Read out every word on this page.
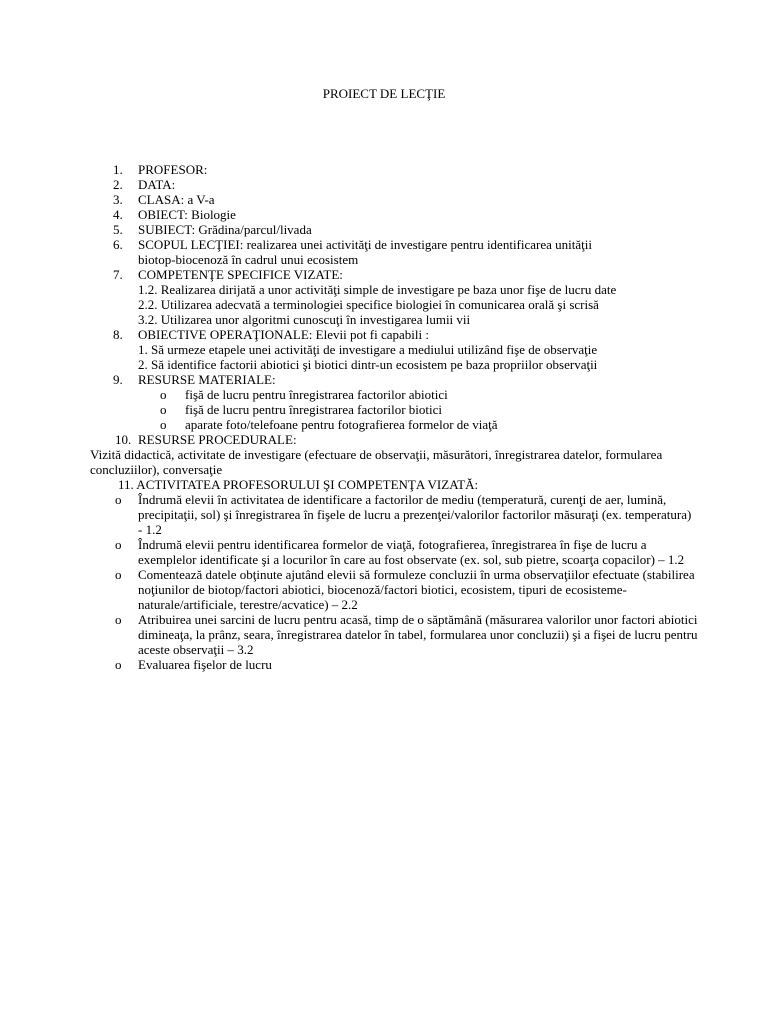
PROIECT DE LECŢIE
1. PROFESOR:
2. DATA:
3. CLASA: a V-a
4. OBIECT: Biologie
5. SUBIECT: Grădina/parcul/livada
6. SCOPUL LECŢIEI: realizarea unei activităţi de investigare pentru identificarea unităţii
biotop-biocenoză în cadrul unui ecosistem
7. COMPETENŢE SPECIFICE VIZATE:
1.2. Realizarea dirijată a unor activităţi simple de investigare pe baza unor fişe de lucru date
2.2. Utilizarea adecvată a terminologiei specifice biologiei în comunicarea orală şi scrisă
3.2. Utilizarea unor algoritmi cunoscuţi în investigarea lumii vii
8. OBIECTIVE OPERAŢIONALE: Elevii pot fi capabili :
1. Să urmeze etapele unei activităţi de investigare a mediului utilizând fişe de observaţie
2. Să identifice factorii abiotici şi biotici dintr-un ecosistem pe baza propriilor observaţii
9. RESURSE MATERIALE:
o fişă de lucru pentru înregistrarea factorilor abiotici
o fişă de lucru pentru înregistrarea factorilor biotici
o aparate foto/telefoane pentru fotografierea formelor de viaţă
10. RESURSE PROCEDURALE:
Vizită didactică, activitate de investigare (efectuare de observaţii, măsurători, înregistrarea datelor, formularea concluziilor), conversaţie
11. ACTIVITATEA PROFESORULUI ŞI COMPETENŢA VIZATĂ:
o Îndrumă elevii în activitatea de identificare a factorilor de mediu (temperatură, curenţi de aer, lumină, precipitaţii, sol) şi înregistrarea în fişele de lucru a prezenţei/valorilor factorilor măsuraţi (ex. temperatura) - 1.2
o Îndrumă elevii pentru identificarea formelor de viaţă, fotografierea, înregistrarea în fişe de lucru a exemplelor identificate şi a locurilor în care au fost observate (ex. sol, sub pietre, scoarţa copacilor) – 1.2
o Comentează datele obţinute ajutând elevii să formuleze concluzii în urma observaţiilor efectuate (stabilirea noţiunilor de biotop/factori abiotici, biocenoză/factori biotici, ecosistem, tipuri de ecosisteme- naturale/artificiale, terestre/acvatice) – 2.2
o Atribuirea unei sarcini de lucru pentru acasă, timp de o săptămână (măsurarea valorilor unor factori abiotici dimineaţa, la prânz, seara, înregistrarea datelor în tabel, formularea unor concluzii) şi a fişei de lucru pentru aceste observaţii – 3.2
o Evaluarea fişelor de lucru
